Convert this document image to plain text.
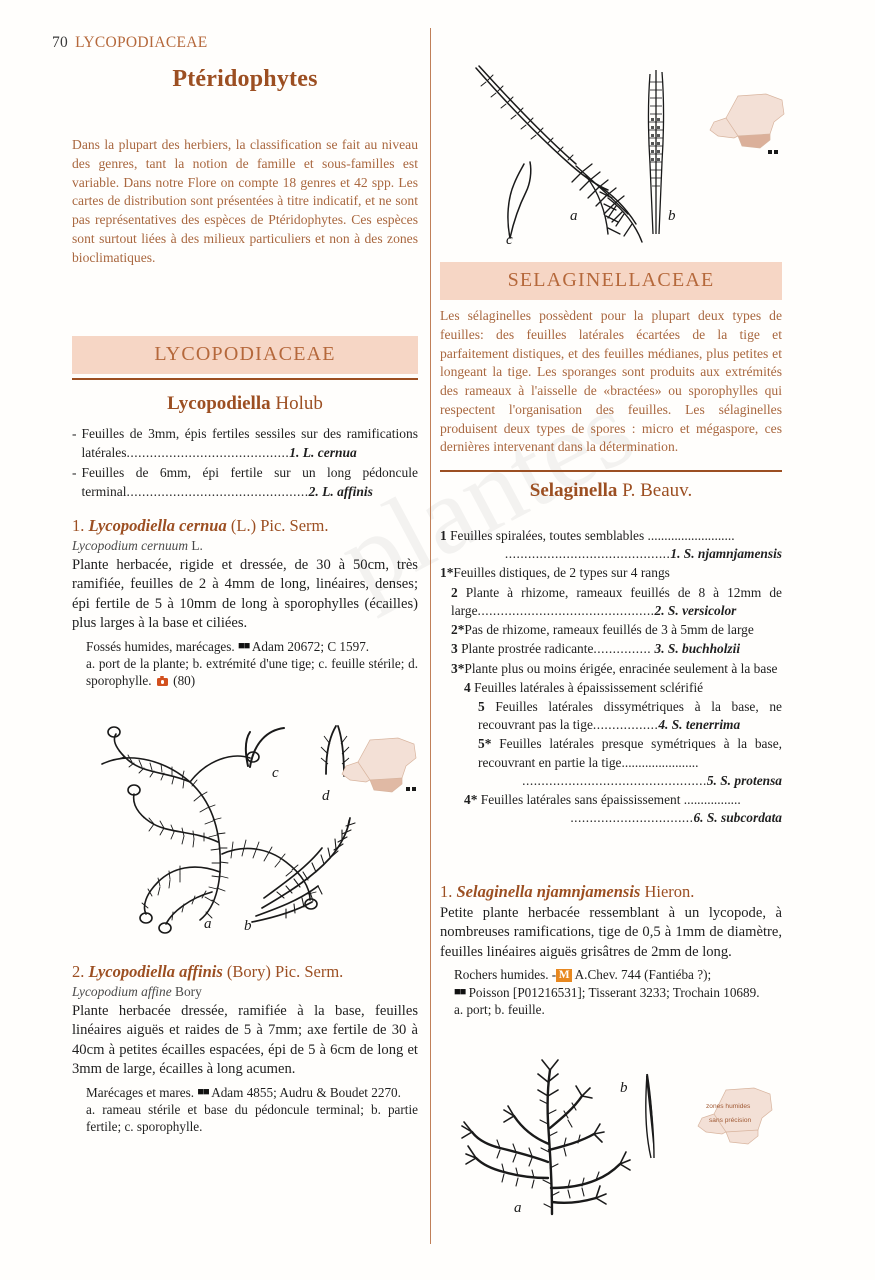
70 LYCOPODIACEAE
Ptéridophytes
Dans la plupart des herbiers, la classification se fait au niveau des genres, tant la notion de famille et sous-familles est variable. Dans notre Flore on compte 18 genres et 42 spp. Les cartes de distribution sont présentées à titre indicatif, et ne sont pas représentatives des espèces de Ptéridophytes. Ces espèces sont surtout liées à des milieux particuliers et non à des zones bioclimatiques.
LYCOPODIACEAE
Lycopodiella Holub
- Feuilles de 3mm, épis fertiles sessiles sur des ramifications latérales..........................................1. L. cernua
- Feuilles de 6mm, épi fertile sur un long pédoncule terminal...............................................2. L. affinis
1. Lycopodiella cernua (L.) Pic. Serm.
Lycopodium cernuum L.
Plante herbacée, rigide et dressée, de 30 à 50cm, très ramifiée, feuilles de 2 à 4mm de long, linéaires, denses; épi fertile de 5 à 10mm de long à sporophylles (écailles) plus larges à la base et ciliées.
Fossés humides, marécages. ■■ Adam 20672; C 1597.
a. port de la plante; b. extrémité d'une tige; c. feuille stérile; d. sporophylle. (80)
c
d
b
a
2. Lycopodiella affinis (Bory) Pic. Serm.
Lycopodium affine Bory
Plante herbacée dressée, ramifiée à la base, feuilles linéaires aiguës et raides de 5 à 7mm; axe fertile de 30 à 40cm à petites écailles espacées, épi de 5 à 6cm de long et 3mm de large, écailles à long acumen.
Marécages et mares. ■■ Adam 4855; Audru & Boudet 2270.
a. rameau stérile et base du pédoncule terminal; b. partie fertile; c. sporophylle.
a	b
c
SELAGINELLACEAE
Les sélaginelles possèdent pour la plupart deux types de feuilles: des feuilles latérales écartées de la tige et parfaitement distiques, et des feuilles médianes, plus petites et longeant la tige. Les sporanges sont produits aux extrémités des rameaux à l'aisselle de «bractées» ou sporophylles qui respectent l'organisation des feuilles. Les sélaginelles produisent deux types de spores : micro et mégaspore, ces dernières intervenant dans la détermination.
Selaginella P. Beauv.
1 Feuilles spiralées, toutes semblables ..........................
...........................................1. S. njamnjamensis
1*Feuilles distiques, de 2 types sur 4 rangs
2 Plante à rhizome, rameaux feuillés de 8 à 12mm de large..............................................2. S. versicolor
2*Pas de rhizome, rameaux feuillés de 3 à 5mm de large
3 Plante prostrée radicante............... 3. S. buchholzii
3*Plante plus ou moins érigée, enracinée seulement à la base
4 Feuilles latérales à épaississement sclérifié
5 Feuilles latérales dissymétriques à la base, ne recouvrant pas la tige.................4. S. tenerrima
5* Feuilles latérales presque symétriques à la base, recouvrant en partie la tige.......................
................................................5. S. protensa
4* Feuilles latérales sans épaississement .................
................................6. S. subcordata
1. Selaginella njamnjamensis Hieron.
Petite plante herbacée ressemblant à un lycopode, à nombreuses ramifications, tige de 0,5 à 1mm de diamètre, feuilles linéaires aiguës grisâtres de 2mm de long.
Rochers humides. - M A.Chev. 744 (Fantiéba ?);
■■ Poisson [P01216531]; Tisserant 3233; Trochain 10689.
a. port; b. feuille.
a
b
zones humides
sans précision
